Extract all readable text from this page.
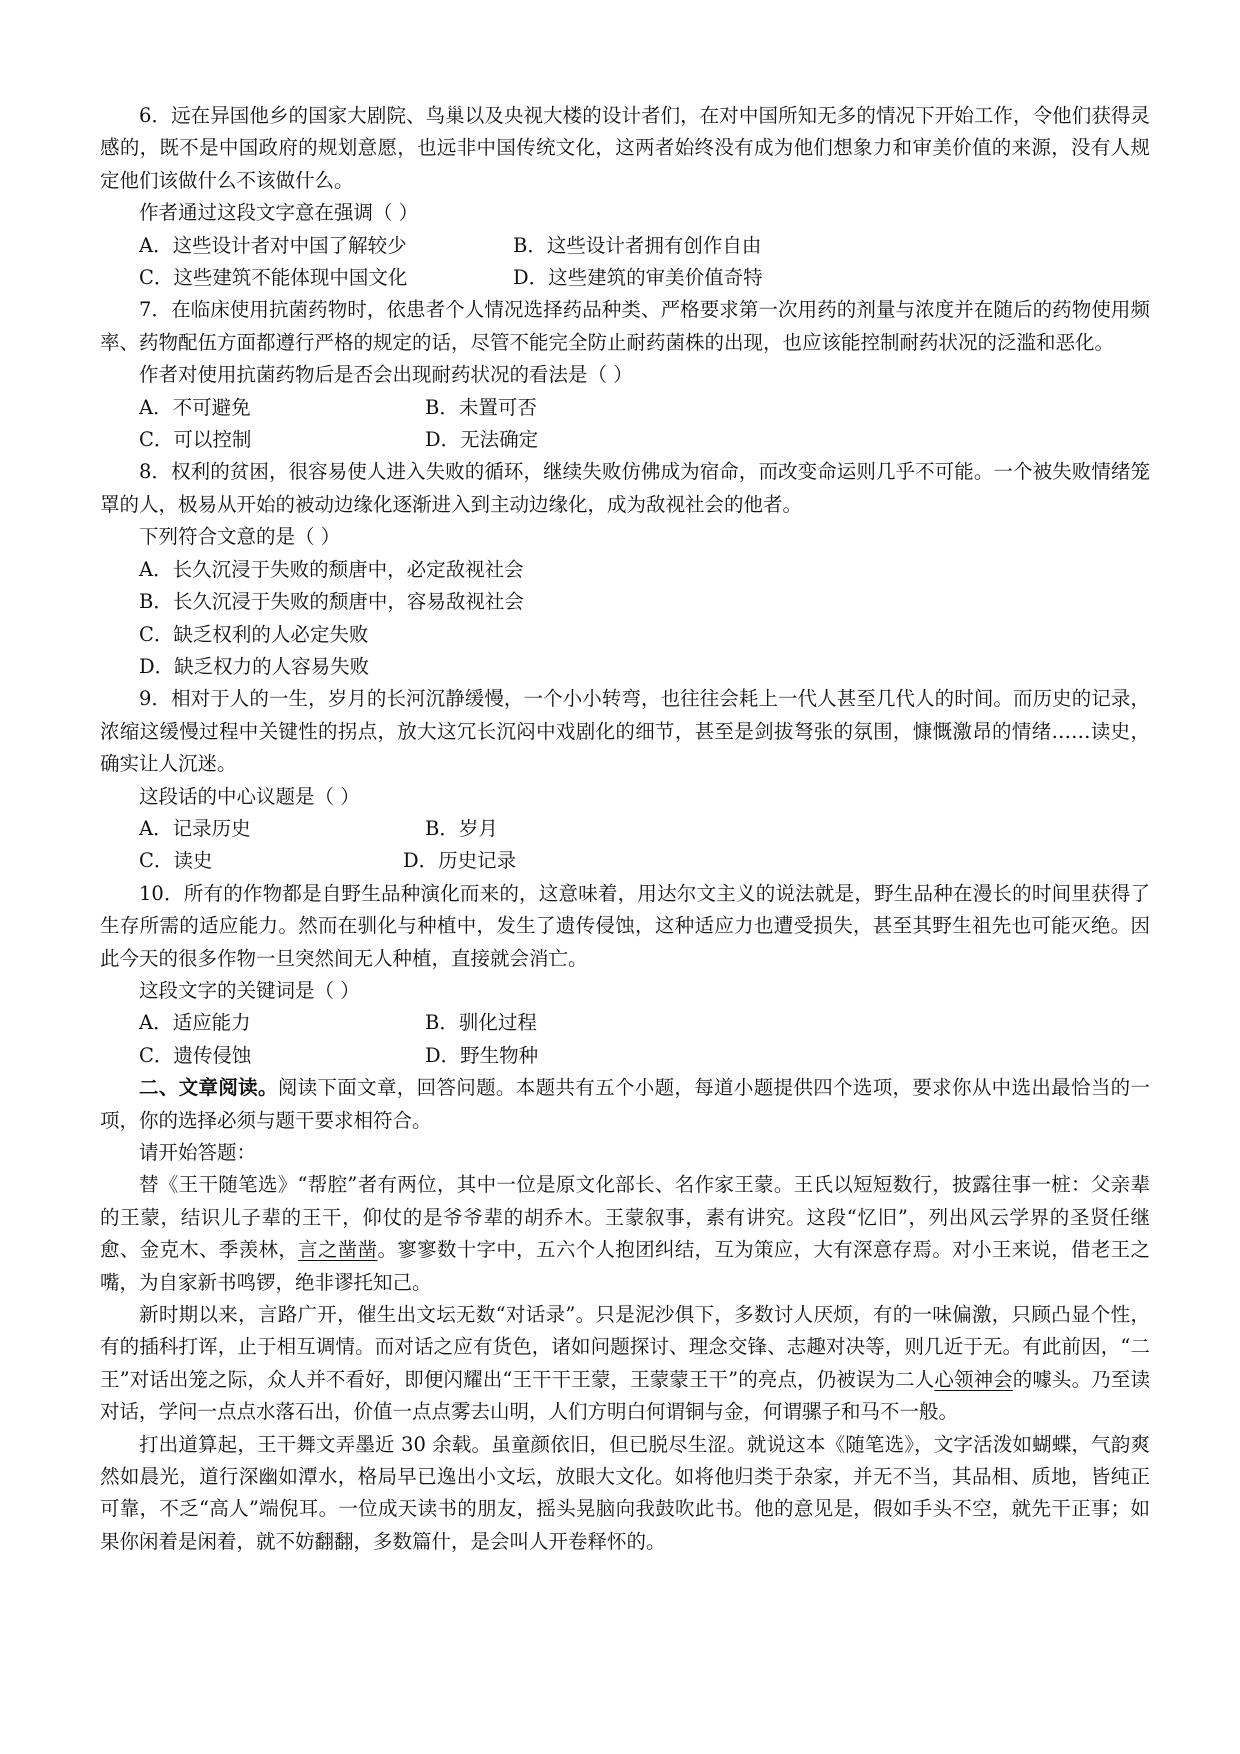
6．远在异国他乡的国家大剧院、鸟巢以及央视大楼的设计者们，在对中国所知无多的情况下开始工作，令他们获得灵感的，既不是中国政府的规划意愿，也远非中国传统文化，这两者始终没有成为他们想象力和审美价值的来源，没有人规定他们该做什么不该做什么。

作者通过这段文字意在强调（ ）

A．这些设计者对中国了解较少	B．这些设计者拥有创作自由
C．这些建筑不能体现中国文化	D．这些建筑的审美价值奇特

7．在临床使用抗菌药物时，依患者个人情况选择药品种类、严格要求第一次用药的剂量与浓度并在随后的药物使用频率、药物配伍方面都遵行严格的规定的话，尽管不能完全防止耐药菌株的出现，也应该能控制耐药状况的泛滥和恶化。

作者对使用抗菌药物后是否会出现耐药状况的看法是（ ）

A．不可避免	B．未置可否
C．可以控制	D．无法确定

8．权利的贫困，很容易使人进入失败的循环，继续失败仿佛成为宿命，而改变命运则几乎不可能。一个被失败情绪笼罩的人，极易从开始的被动边缘化逐渐进入到主动边缘化，成为敌视社会的他者。

下列符合文意的是（ ）

A．长久沉浸于失败的颓唐中，必定敌视社会

B．长久沉浸于失败的颓唐中，容易敌视社会

C．缺乏权利的人必定失败

D．缺乏权力的人容易失败

9．相对于人的一生，岁月的长河沉静缓慢，一个小小转弯，也往往会耗上一代人甚至几代人的时间。而历史的记录，浓缩这缓慢过程中关键性的拐点，放大这冗长沉闷中戏剧化的细节，甚至是剑拔弩张的氛围，慷慨激昂的情绪……读史，确实让人沉迷。

这段话的中心议题是（ ）

A．记录历史	B．岁月
C．读史	D．历史记录

10．所有的作物都是自野生品种演化而来的，这意味着，用达尔文主义的说法就是，野生品种在漫长的时间里获得了生存所需的适应能力。然而在驯化与种植中，发生了遗传侵蚀，这种适应力也遭受损失，甚至其野生祖先也可能灭绝。因此今天的很多作物一旦突然间无人种植，直接就会消亡。

这段文字的关键词是（ ）

A．适应能力	B．驯化过程
C．遗传侵蚀	D．野生物种

二、文章阅读。阅读下面文章，回答问题。本题共有五个小题，每道小题提供四个选项，要求你从中选出最恰当的一项，你的选择必须与题干要求相符合。

请开始答题：

替《王干随笔选》“帮腔”者有两位，其中一位是原文化部长、名作家王蒙。王氏以短短数行，披露往事一桩：父亲辈的王蒙，结识儿子辈的王干，仰仗的是爷爷辈的胡乔木。王蒙叙事，素有讲究。这段“忆旧”，列出风云学界的圣贤任继愈、金克木、季羡林，言之凿凿。寥寥数十字中，五六个人抱团纠结，互为策应，大有深意存焉。对小王来说，借老王之嘴，为自家新书鸣锣，绝非谬托知己。

新时期以来，言路广开，催生出文坛无数“对话录”。只是泥沙俱下，多数讨人厌烦，有的一味偏激，只顾凸显个性，有的插科打诨，止于相互调情。而对话之应有货色，诸如问题探讨、理念交锋、志趣对决等，则几近于无。有此前因，“二王”对话出笼之际，众人并不看好，即便闪耀出“王干干王蒙，王蒙蒙王干”的亮点，仍被误为二人心领神会的噱头。乃至读对话，学问一点点水落石出，价值一点点雾去山明，人们方明白何谓铜与金，何谓骡子和马不一般。

打出道算起，王干舞文弄墨近 30 余载。虽童颜依旧，但已脱尽生涩。就说这本《随笔选》，文字活泼如蝴蝶，气韵爽然如晨光，道行深幽如潭水，格局早已逸出小文坛，放眼大文化。如将他归类于杂家，并无不当，其品相、质地，皆纯正可靠，不乏“高人”端倪耳。一位成天读书的朋友，摇头晃脑向我鼓吹此书。他的意见是，假如手头不空，就先干正事；如果你闲着是闲着，就不妨翻翻，多数篇什，是会叫人开卷释怀的。
